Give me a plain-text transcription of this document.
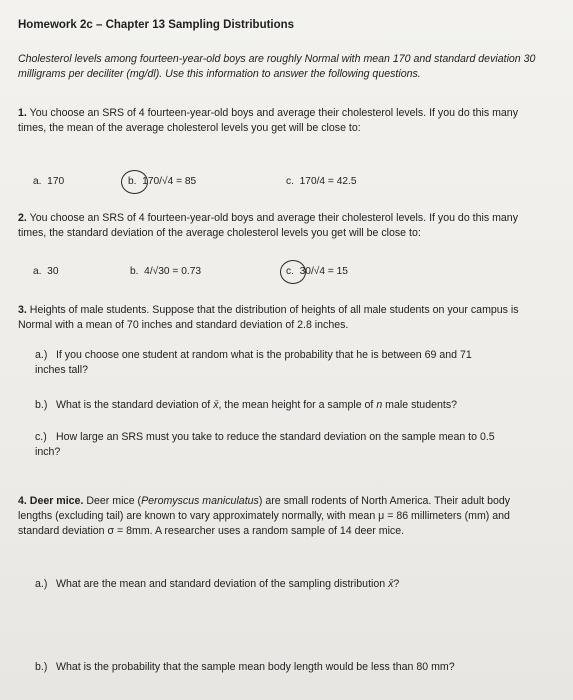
Homework 2c – Chapter 13 Sampling Distributions
Cholesterol levels among fourteen-year-old boys are roughly Normal with mean 170 and standard deviation 30 milligrams per deciliter (mg/dl). Use this information to answer the following questions.
1. You choose an SRS of 4 fourteen-year-old boys and average their cholesterol levels. If you do this many times, the mean of the average cholesterol levels you get will be close to:
a. 170	b. 170/√4 = 85	c. 170/4 = 42.5
2. You choose an SRS of 4 fourteen-year-old boys and average their cholesterol levels. If you do this many times, the standard deviation of the average cholesterol levels you get will be close to:
a. 30	b. 4/√30 = 0.73	c. 30/√4 = 15
3. Heights of male students. Suppose that the distribution of heights of all male students on your campus is Normal with a mean of 70 inches and standard deviation of 2.8 inches.
a.) If you choose one student at random what is the probability that he is between 69 and 71 inches tall?
b.) What is the standard deviation of x̄, the mean height for a sample of n male students?
c.) How large an SRS must you take to reduce the standard deviation on the sample mean to 0.5 inch?
4. Deer mice. Deer mice (Peromyscus maniculatus) are small rodents of North America. Their adult body lengths (excluding tail) are known to vary approximately normally, with mean μ = 86 millimeters (mm) and standard deviation σ = 8mm. A researcher uses a random sample of 14 deer mice.
a.) What are the mean and standard deviation of the sampling distribution x̄?
b.) What is the probability that the sample mean body length would be less than 80 mm?
